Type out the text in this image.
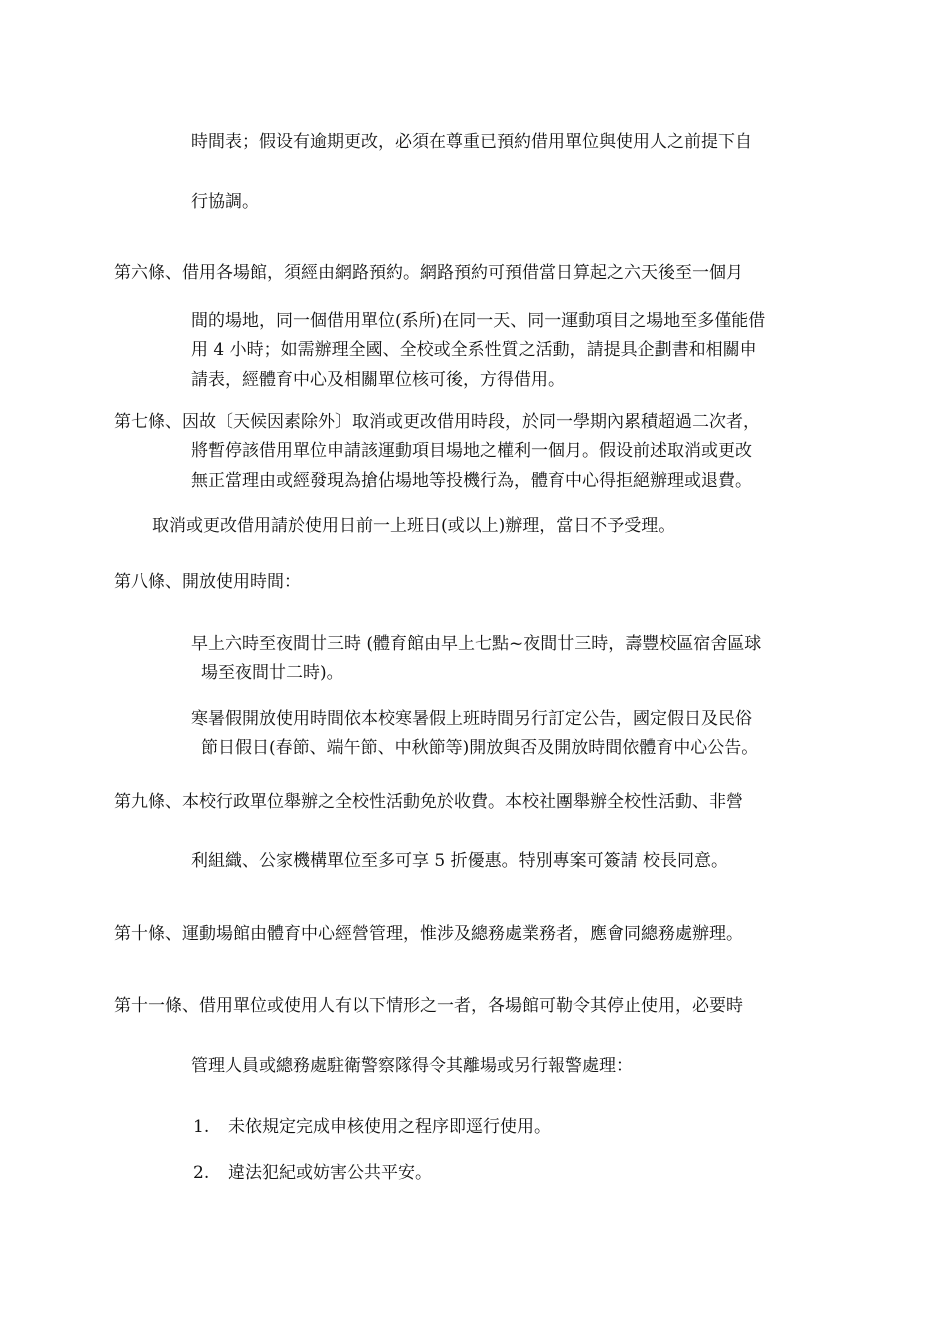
時間表；假设有逾期更改，必須在尊重已預約借用單位與使用人之前提下自
行協調。
第六條、借用各場館，須經由網路預約。網路預約可預借當日算起之六天後至一個月
間的場地，同一個借用單位(系所)在同一天、同一運動項目之場地至多僅能借
用 4 小時；如需辦理全國、全校或全系性質之活動，請提具企劃書和相關申
請表，經體育中心及相關單位核可後，方得借用。
第七條、因故〔天候因素除外〕取消或更改借用時段，於同一學期內累積超過二次者，
將暫停該借用單位申請該運動項目場地之權利一個月。假设前述取消或更改
無正當理由或經發現為搶佔場地等投機行為，體育中心得拒絕辦理或退費。
取消或更改借用請於使用日前一上班日(或以上)辦理，當日不予受理。
第八條、開放使用時間：
早上六時至夜間廿三時 (體育館由早上七點~夜間廿三時，壽豐校區宿舍區球
場至夜間廿二時)。
寒暑假開放使用時間依本校寒暑假上班時間另行訂定公告，國定假日及民俗
節日假日(春節、端午節、中秋節等)開放與否及開放時間依體育中心公告。
第九條、本校行政單位舉辦之全校性活動免於收費。本校社團舉辦全校性活動、非營
利組織、公家機構單位至多可享 5 折優惠。特別專案可簽請 校長同意。
第十條、運動場館由體育中心經營管理，惟涉及總務處業務者，應會同總務處辦理。
第十一條、借用單位或使用人有以下情形之一者，各場館可勒令其停止使用，必要時
管理人員或總務處駐衛警察隊得令其離場或另行報警處理：
1. 未依規定完成申核使用之程序即逕行使用。
2. 違法犯紀或妨害公共平安。
